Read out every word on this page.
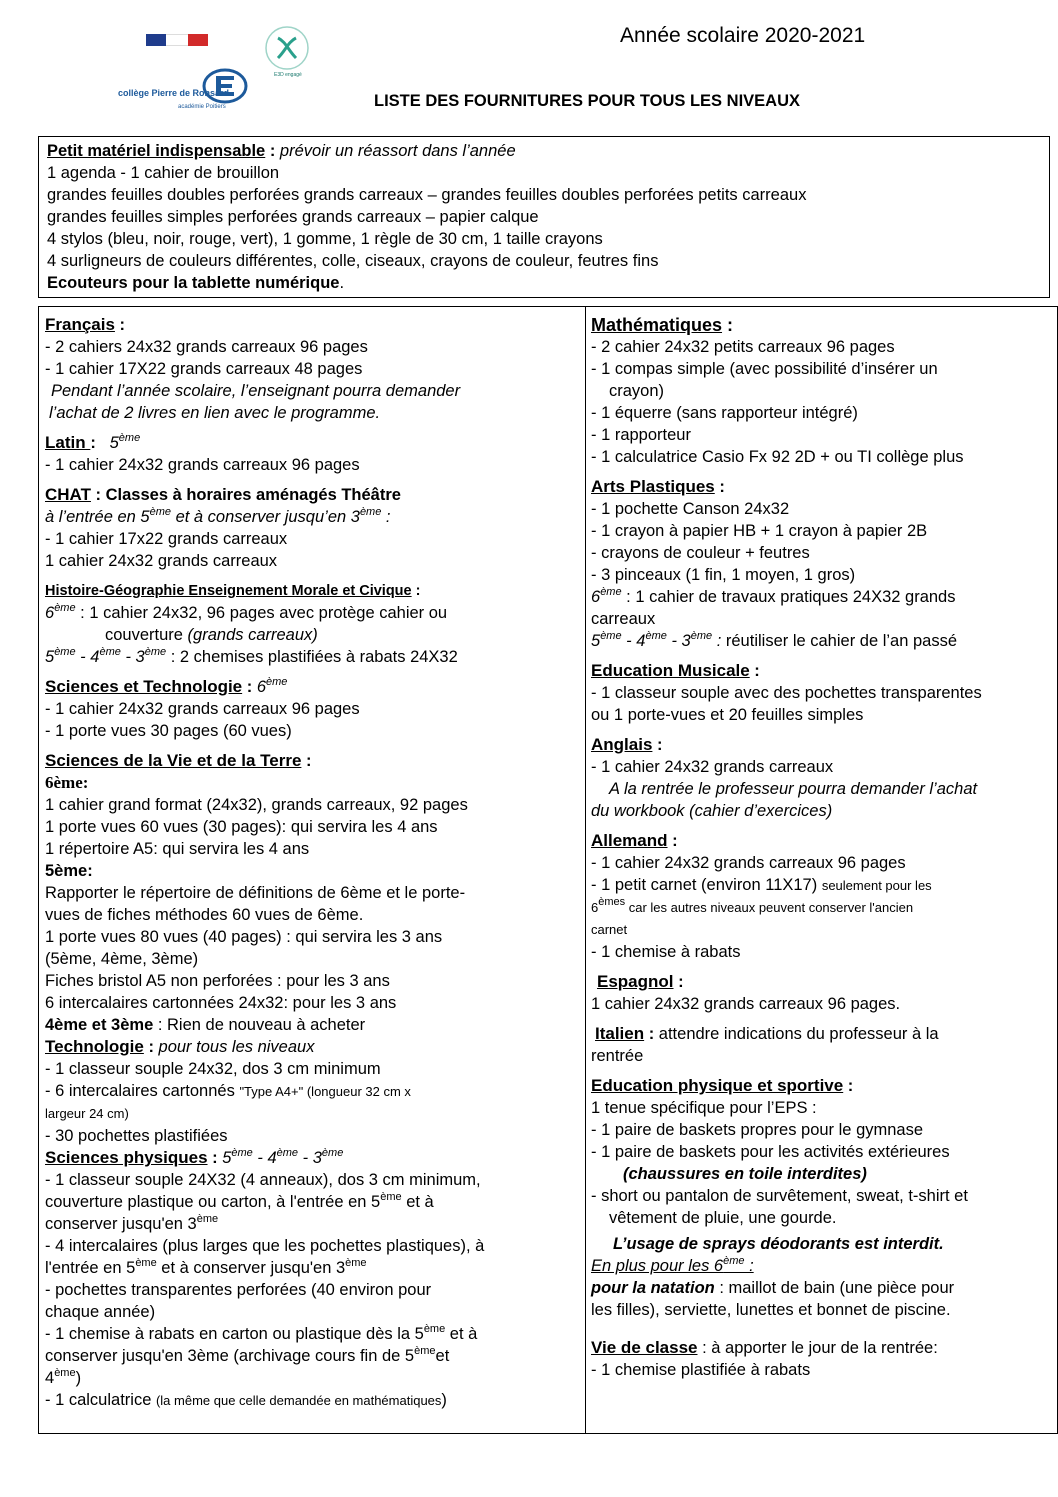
collège Pierre de Ronsard
académie Poitiers
E3D engagé
Année scolaire 2020-2021
LISTE DES FOURNITURES POUR TOUS LES NIVEAUX
Petit matériel indispensable : prévoir un réassort dans l’année
1 agenda - 1 cahier de brouillon
grandes feuilles doubles perforées grands carreaux – grandes feuilles doubles perforées petits carreaux
grandes feuilles simples perforées grands carreaux – papier calque
4 stylos (bleu, noir, rouge, vert), 1 gomme, 1 règle de 30 cm, 1 taille crayons
4 surligneurs de couleurs différentes, colle, ciseaux, crayons de couleur, feutres fins
Ecouteurs pour la tablette numérique.
Français :
- 2 cahiers 24x32 grands carreaux 96 pages
- 1 cahier 17X22 grands carreaux 48 pages
Pendant l’année scolaire, l’enseignant pourra demander
l’achat de 2 livres en lien avec le programme.
Latin : 5ème
- 1 cahier 24x32 grands carreaux 96 pages
CHAT : Classes à horaires aménagés Théâtre
à l’entrée en 5ème et à conserver jusqu’en 3ème :
- 1 cahier 17x22 grands carreaux
1 cahier 24x32 grands carreaux
Histoire-Géographie Enseignement Morale et Civique :
6ème : 1 cahier 24x32, 96 pages avec protège cahier ou
couverture (grands carreaux)
5ème - 4ème - 3ème : 2 chemises plastifiées à rabats 24X32
Sciences et Technologie : 6ème
- 1 cahier 24x32 grands carreaux 96 pages
- 1 porte vues 30 pages (60 vues)
Sciences de la Vie et de la Terre :
6ème:
1 cahier grand format (24x32), grands carreaux, 92 pages
1 porte vues 60 vues (30 pages): qui servira les 4 ans
1 répertoire A5: qui servira les 4 ans
5ème:
Rapporter le répertoire de définitions de 6ème et le porte-
vues de fiches méthodes 60 vues de 6ème.
1 porte vues 80 vues (40 pages) : qui servira les 3 ans
(5ème, 4ème, 3ème)
Fiches bristol A5 non perforées : pour les 3 ans
6 intercalaires cartonnées 24x32: pour les 3 ans
4ème et 3ème : Rien de nouveau à acheter
Technologie : pour tous les niveaux
- 1 classeur souple 24x32, dos 3 cm minimum
- 6 intercalaires cartonnés "Type A4+" (longueur 32 cm x
largeur 24 cm)
- 30 pochettes plastifiées
Sciences physiques : 5ème - 4ème - 3ème
- 1 classeur souple 24X32 (4 anneaux), dos 3 cm minimum,
couverture plastique ou carton, à l'entrée en 5ème et à
conserver jusqu'en 3ème
- 4 intercalaires (plus larges que les pochettes plastiques), à
l'entrée en 5ème et à conserver jusqu'en 3ème
- pochettes transparentes perforées (40 environ pour
chaque année)
- 1 chemise à rabats en carton ou plastique dès la 5ème et à
conserver jusqu'en 3ème (archivage cours fin de 5èmeet
4ème)
- 1 calculatrice (la même que celle demandée en mathématiques)
Mathématiques :
- 2 cahier 24x32 petits carreaux 96 pages
- 1 compas simple (avec possibilité d’insérer un
crayon)
- 1 équerre (sans rapporteur intégré)
- 1 rapporteur
- 1 calculatrice Casio Fx 92 2D + ou TI collège plus
Arts Plastiques :
- 1 pochette Canson 24x32
- 1 crayon à papier HB + 1 crayon à papier 2B
- crayons de couleur + feutres
- 3 pinceaux (1 fin, 1 moyen, 1 gros)
6ème : 1 cahier de travaux pratiques 24X32 grands
carreaux
5ème - 4ème - 3ème : réutiliser le cahier de l’an passé
Education Musicale :
- 1 classeur souple avec des pochettes transparentes
ou 1 porte-vues et 20 feuilles simples
Anglais :
- 1 cahier 24x32 grands carreaux
A la rentrée le professeur pourra demander l’achat
du workbook (cahier d’exercices)
Allemand :
- 1 cahier 24x32 grands carreaux 96 pages
- 1 petit carnet (environ 11X17) seulement pour les
6èmes car les autres niveaux peuvent conserver l'ancien
carnet
- 1 chemise à rabats
Espagnol :
1 cahier 24x32 grands carreaux 96 pages.
Italien : attendre indications du professeur à la
rentrée
Education physique et sportive :
1 tenue spécifique pour l’EPS :
- 1 paire de baskets propres pour le gymnase
- 1 paire de baskets pour les activités extérieures
(chaussures en toile interdites)
- short ou pantalon de survêtement, sweat, t-shirt et
vêtement de pluie, une gourde.
L’usage de sprays déodorants est interdit.
En plus pour les 6ème :
pour la natation : maillot de bain (une pièce pour
les filles), serviette, lunettes et bonnet de piscine.
Vie de classe : à apporter le jour de la rentrée:
- 1 chemise plastifiée à rabats
